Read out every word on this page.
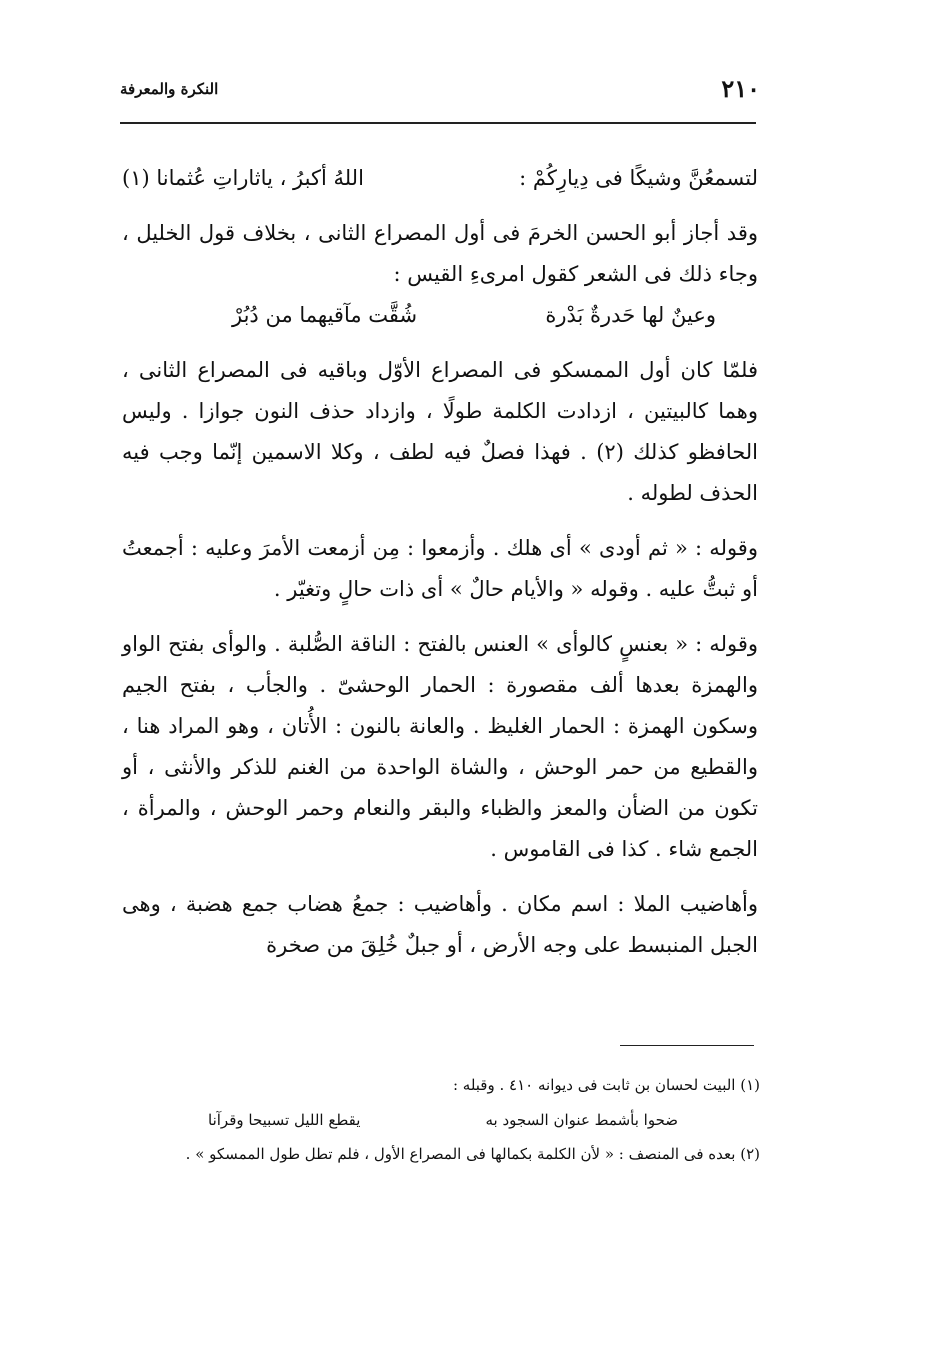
٢١٠
النكرة والمعرفة
لتسمعُنَّ وشيكًا فى دِيارِكُمْ :
اللهُ أكبرُ ، ياثاراتِ عُثمانا (١)

وقد أجاز أبو الحسن الخرمَ فى أول المصراع الثانى ، بخلاف قول الخليل ، وجاء ذلك فى الشعر كقول امرىءِ القيس :

وعينٌ لها حَدرةٌ بَدْرة
شُقَّت مآقيهما من دُبُرْ

فلمّا كان أول الممسكو فى المصراع الأوّل وباقيه فى المصراع الثانى ، وهما كالبيتين ، ازدادت الكلمة طولًا ، وازداد حذف النون جوازا . وليس الحافظو كذلك (٢) . فهذا فصلٌ فيه لطف ، وكلا الاسمين إنّما وجب فيه الحذف لطوله .

وقوله : « ثم أودى » أى هلك . وأزمعوا : مِن أزمعت الأمرَ وعليه : أجمعتُ أو ثبتُّ عليه . وقوله « والأيام حالٌ » أى ذات حالٍ وتغيّر .

وقوله : « بعنسٍ كالوأى » العنس بالفتح : الناقة الصُّلبة . والوأى بفتح الواو والهمزة بعدها ألف مقصورة : الحمار الوحشىّ . والجأب ، بفتح الجيم وسكون الهمزة : الحمار الغليظ . والعانة بالنون : الأُتان ، وهو المراد هنا ، والقطيع من حمر الوحش ، والشاة الواحدة من الغنم للذكر والأنثى ، أو تكون من الضأن والمعز والظباء والبقر والنعام وحمر الوحش ، والمرأة ، الجمع شاء . كذا فى القاموس .

وأهاضيب الملا : اسم مكان . وأهاضيب : جمعُ هضاب جمع هضبة ، وهى الجبل المنبسط على وجه الأرض ، أو جبلٌ خُلِقَ من صخرة

(١) البيت لحسان بن ثابت فى ديوانه ٤١٠ . وقبله :
ضحوا بأشمط عنوان السجود به
يقطع الليل تسبيحا وقرآنا
(٢) بعده فى المنصف : « لأن الكلمة بكمالها فى المصراع الأول ، فلم تطل طول الممسكو » .
